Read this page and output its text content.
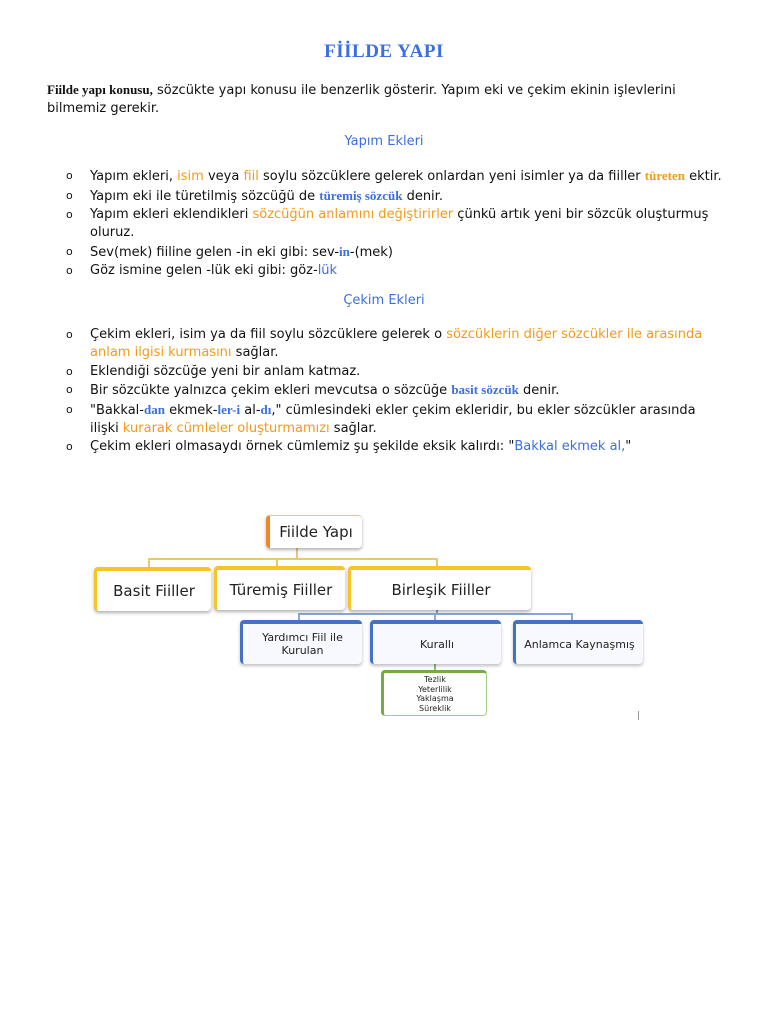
FİİLDE YAPI
Fiilde yapı konusu, sözcükte yapı konusu ile benzerlik gösterir. Yapım eki ve çekim ekinin işlevlerini bilmemiz gerekir.
Yapım Ekleri
o Yapım ekleri, isim veya fiil soylu sözcüklere gelerek onlardan yeni isimler ya da fiiller türeten ektir.
o Yapım eki ile türetilmiş sözcüğü de türemiş sözcük denir.
o Yapım ekleri eklendikleri sözcüğün anlamını değiştirirler çünkü artık yeni bir sözcük oluşturmuş oluruz.
o Sev(mek) fiiline gelen -in eki gibi: sev-in-(mek)
o Göz ismine gelen -lük eki gibi: göz-lük
Çekim Ekleri
o Çekim ekleri, isim ya da fiil soylu sözcüklere gelerek o sözcüklerin diğer sözcükler ile arasında anlam ilgisi kurmasını sağlar.
o Eklendiği sözcüğe yeni bir anlam katmaz.
o Bir sözcükte yalnızca çekim ekleri mevcutsa o sözcüğe basit sözcük denir.
o "Bakkal-dan ekmek-ler-i al-dı," cümlesindeki ekler çekim ekleridir, bu ekler sözcükler arasında ilişki kurarak cümleler oluşturmamızı sağlar.
o Çekim ekleri olmasaydı örnek cümlemiz şu şekilde eksik kalırdı: "Bakkal ekmek al,"
Fiilde Yapı
Basit Fiiller Türemiş Fiiller	Birleşik Fiiller
Yardımcı Fiil ile Kurulan	Kurallı	Anlamca Kaynaşmış
Tezlik
Yeterlilik
Yaklaşma
Süreklik
